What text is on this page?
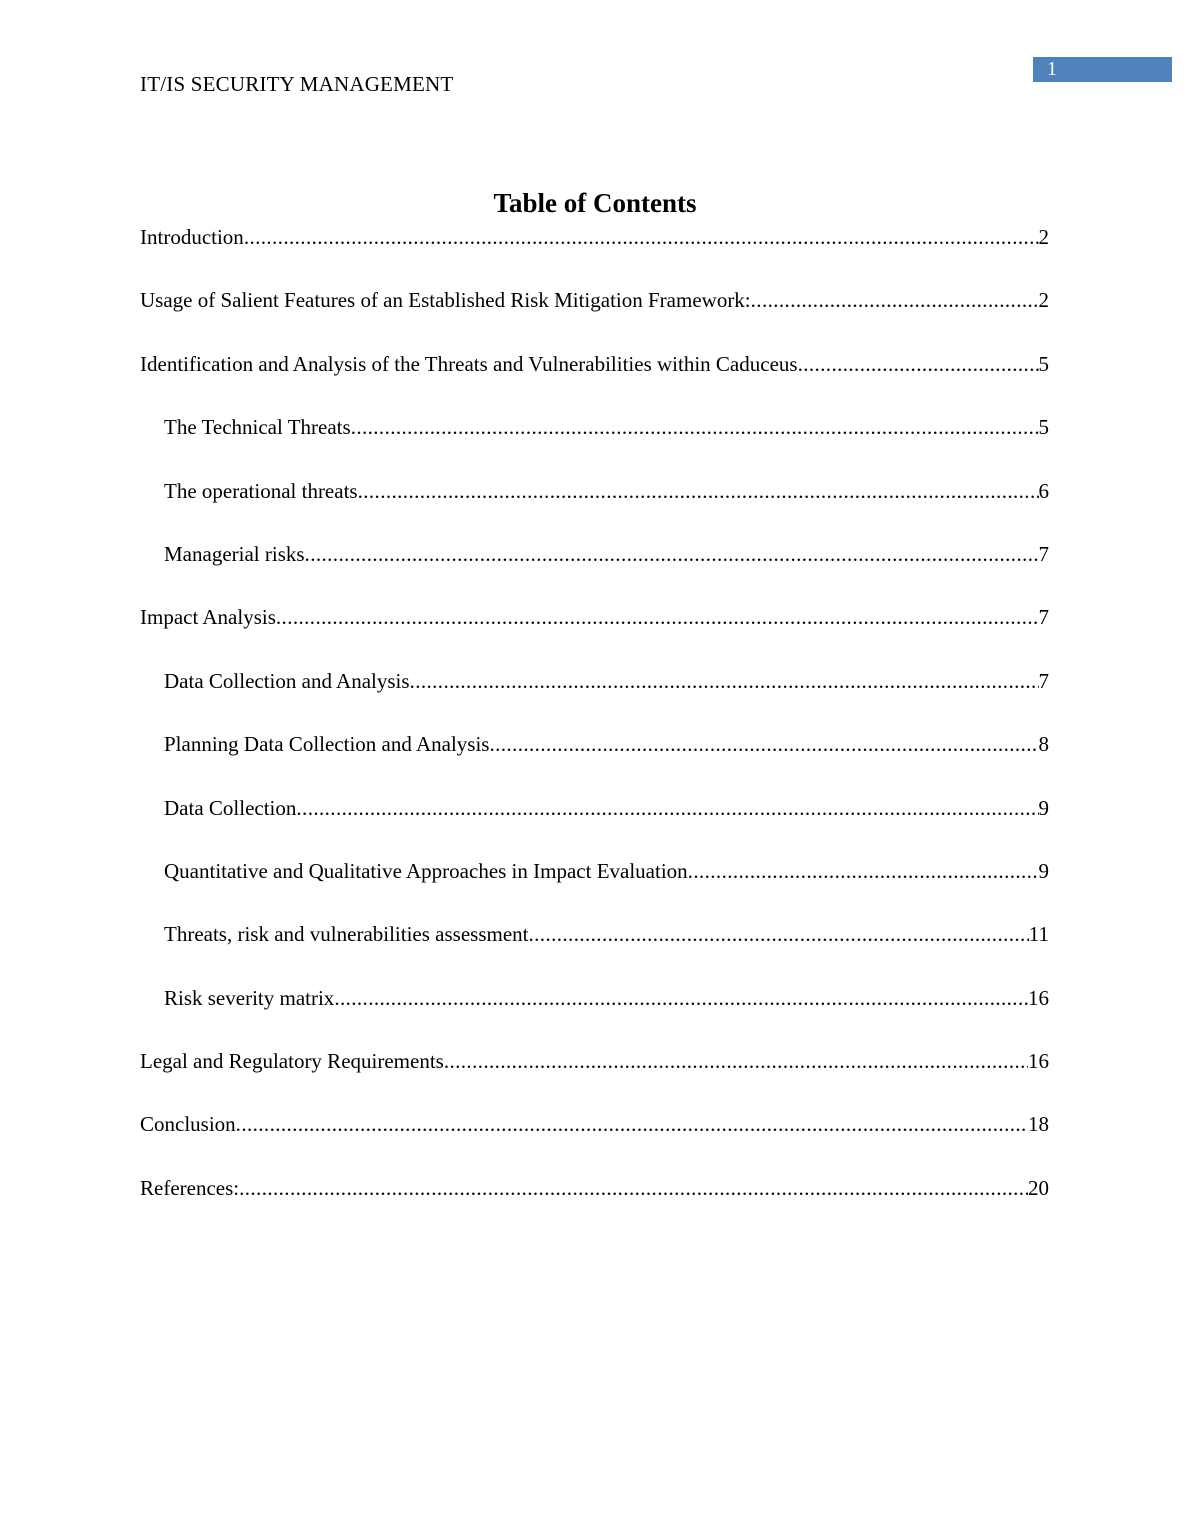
1
IT/IS SECURITY MANAGEMENT
Table of Contents
Introduction .....	2
Usage of Salient Features of an Established Risk Mitigation Framework: .....	2
Identification and Analysis of the Threats and Vulnerabilities within Caduceus .....	5
The Technical Threats .....	5
The operational threats .....	6
Managerial risks .....	7
Impact Analysis .....	7
Data Collection and Analysis .....	7
Planning Data Collection and Analysis .....	8
Data Collection .....	9
Quantitative and Qualitative Approaches in Impact Evaluation .....	9
Threats, risk and vulnerabilities assessment .....	11
Risk severity matrix .....	16
Legal and Regulatory Requirements .....	16
Conclusion .....	18
References: .....	20
